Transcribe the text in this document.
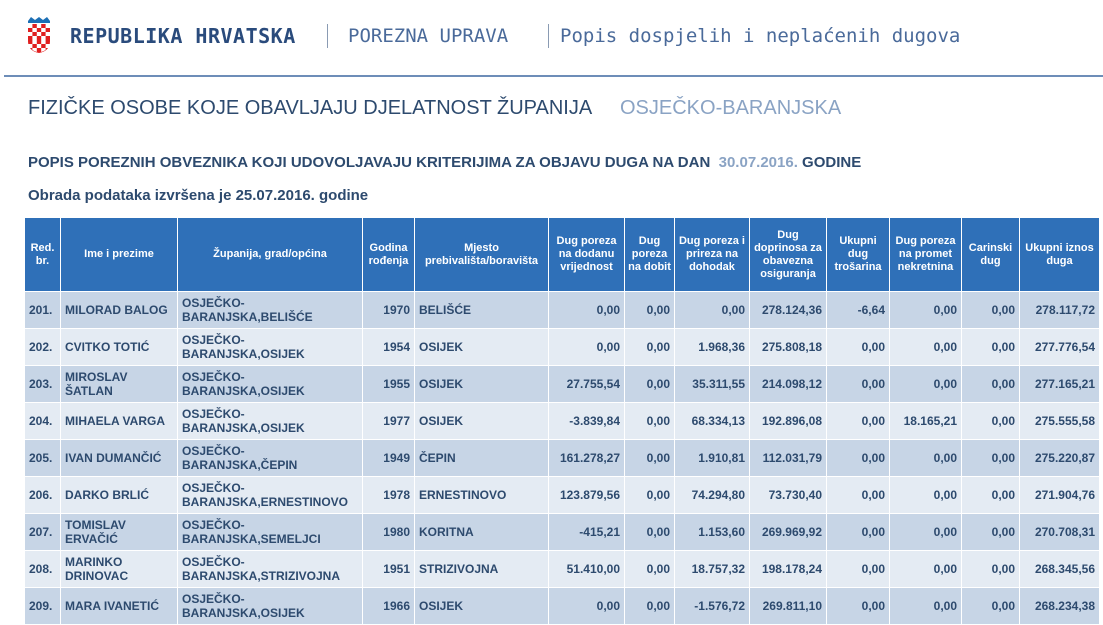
REPUBLIKA HRVATSKA	POREZNA UPRAVA	Popis dospjelih i neplaćenih dugova
FIZIČKE OSOBE KOJE OBAVLJAJU DJELATNOST ŽUPANIJA OSJEČKO-BARANJSKA
POPIS POREZNIH OBVEZNIKA KOJI UDOVOLJAVAJU KRITERIJIMA ZA OBJAVU DUGA NA DAN 30.07.2016. GODINE
Obrada podataka izvršena je 25.07.2016. godine
Red. br.	Ime i prezime	Županija, grad/općina	Godina rođenja	Mjesto prebivališta/boravišta	Dug poreza na dodanu vrijednost	Dug poreza na dobit	Dug poreza i prireza na dohodak	Dug doprinosa za obavezna osiguranja	Ukupni dug trošarina	Dug poreza na promet nekretnina	Carinski dug	Ukupni iznos duga
201.	MILORAD BALOG	OSJEČKO-BARANJSKA,BELIŠĆE	1970	BELIŠĆE	0,00	0,00	0,00	278.124,36	-6,64	0,00	0,00	278.117,72
202.	CVITKO TOTIĆ	OSJEČKO-BARANJSKA,OSIJEK	1954	OSIJEK	0,00	0,00	1.968,36	275.808,18	0,00	0,00	0,00	277.776,54
203.	MIROSLAV ŠATLAN	OSJEČKO-BARANJSKA,OSIJEK	1955	OSIJEK	27.755,54	0,00	35.311,55	214.098,12	0,00	0,00	0,00	277.165,21
204.	MIHAELA VARGA	OSJEČKO-BARANJSKA,OSIJEK	1977	OSIJEK	-3.839,84	0,00	68.334,13	192.896,08	0,00	18.165,21	0,00	275.555,58
205.	IVAN DUMANČIĆ	OSJEČKO-BARANJSKA,ČEPIN	1949	ČEPIN	161.278,27	0,00	1.910,81	112.031,79	0,00	0,00	0,00	275.220,87
206.	DARKO BRLIĆ	OSJEČKO-BARANJSKA,ERNESTINOVO	1978	ERNESTINOVO	123.879,56	0,00	74.294,80	73.730,40	0,00	0,00	0,00	271.904,76
207.	TOMISLAV ERVAČIĆ	OSJEČKO-BARANJSKA,SEMELJCI	1980	KORITNA	-415,21	0,00	1.153,60	269.969,92	0,00	0,00	0,00	270.708,31
208.	MARINKO DRINOVAC	OSJEČKO-BARANJSKA,STRIZIVOJNA	1951	STRIZIVOJNA	51.410,00	0,00	18.757,32	198.178,24	0,00	0,00	0,00	268.345,56
209.	MARA IVANETIĆ	OSJEČKO-BARANJSKA,OSIJEK	1966	OSIJEK	0,00	0,00	-1.576,72	269.811,10	0,00	0,00	0,00	268.234,38
